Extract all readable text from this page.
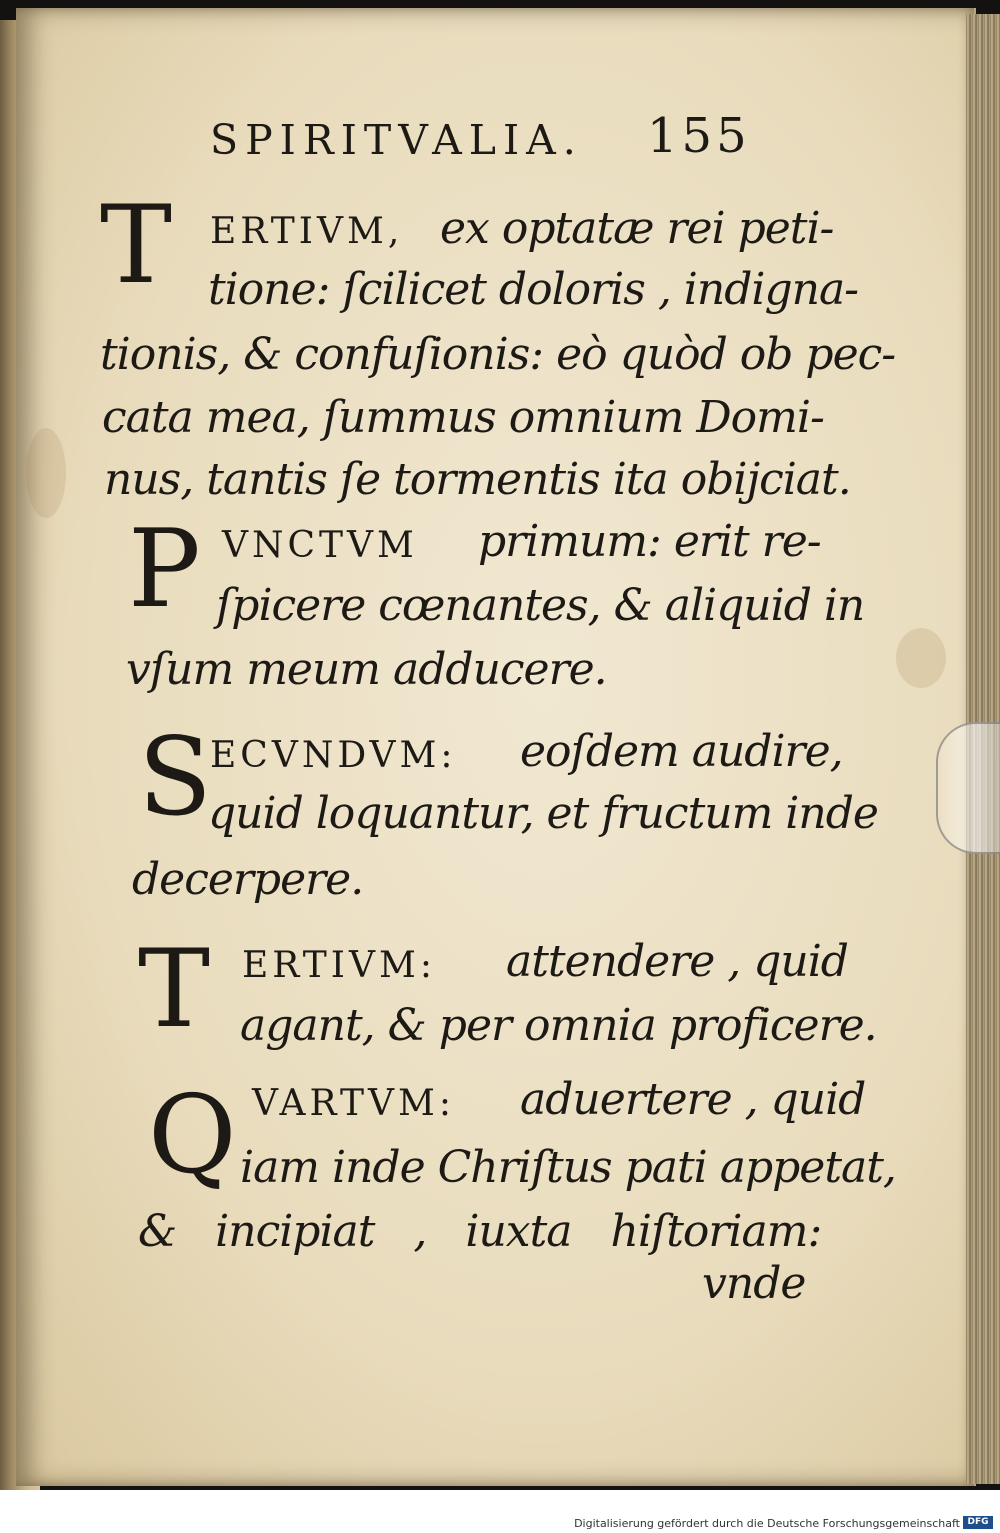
SPIRITVALIA. 155
T ERTIVM, ex optatæ rei peti-
tione: ſcilicet doloris , indigna-
tionis, & confuſionis: eò quòd ob pec-
cata mea, ſummus omnium Domi-
nus, tantis ſe tormentis ita obijciat.
P VNCTVM primum: erit re-
ſpicere cœnantes, & aliquid in
vſum meum adducere.
S
ECVNDVM: eoſdem audire,
quid loquantur, et fructum inde
decerpere.
T ERTIVM: attendere , quid
agant, & per omnia proficere.
Q VARTVM: aduertere , quid
iam inde Chriſtus pati appetat,
& incipiat , iuxta hiſtoriam:
vnde
Digitalisierung gefördert durch die Deutsche Forschungsgemeinschaft DFG
